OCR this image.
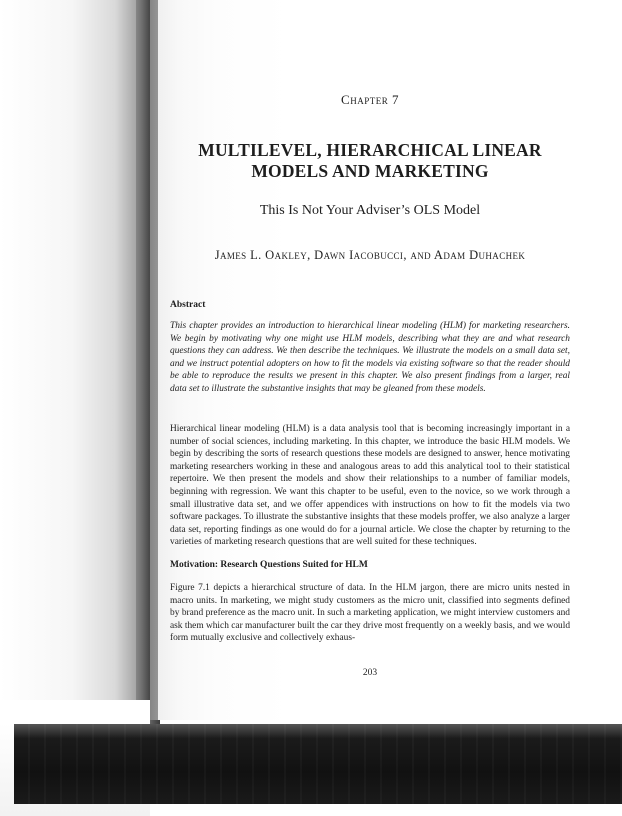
Chapter 7
MULTILEVEL, HIERARCHICAL LINEAR
MODELS AND MARKETING
This Is Not Your Adviser’s OLS Model
James L. Oakley, Dawn Iacobucci, and Adam Duhachek
Abstract

This chapter provides an introduction to hierarchical linear modeling (HLM) for marketing researchers. We begin by motivating why one might use HLM models, describing what they are and what research questions they can address. We then describe the techniques. We illustrate the models on a small data set, and we instruct potential adopters on how to fit the models via existing software so that the reader should be able to reproduce the results we present in this chapter. We also present findings from a larger, real data set to illustrate the substantive insights that may be gleaned from these models.

Hierarchical linear modeling (HLM) is a data analysis tool that is becoming increasingly important in a number of social sciences, including marketing. In this chapter, we introduce the basic HLM models. We begin by describing the sorts of research questions these models are designed to answer, hence motivating marketing researchers working in these and analogous areas to add this analytical tool to their statistical repertoire. We then present the models and show their relationships to a number of familiar models, beginning with regression. We want this chapter to be useful, even to the novice, so we work through a small illustrative data set, and we offer appendices with instructions on how to fit the models via two software packages. To illustrate the substantive insights that these models proffer, we also analyze a larger data set, reporting findings as one would do for a journal article. We close the chapter by returning to the varieties of marketing research questions that are well suited for these techniques.

Motivation: Research Questions Suited for HLM

Figure 7.1 depicts a hierarchical structure of data. In the HLM jargon, there are micro units nested in macro units. In marketing, we might study customers as the micro unit, classified into segments defined by brand preference as the macro unit. In such a marketing application, we might interview customers and ask them which car manufacturer built the car they drive most frequently on a weekly basis, and we would form mutually exclusive and collectively exhaus-

203
